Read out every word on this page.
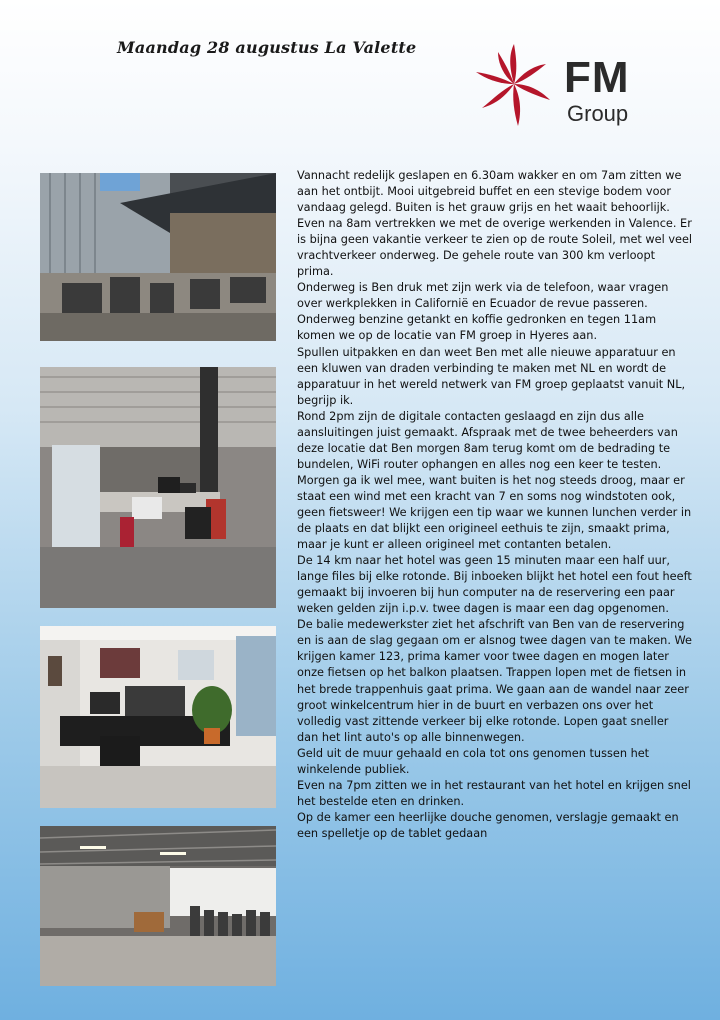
Maandag 28 augustus La Valette
FM
Group

Vannacht redelijk geslapen en 6.30am wakker en om 7am zitten we aan het ontbijt. Mooi uitgebreid buffet en een stevige bodem voor vandaag gelegd. Buiten is het grauw grijs en het waait behoorlijk. Even na 8am vertrekken we met de overige werkenden in Valence. Er is bijna geen vakantie verkeer te zien op de route Soleil, met wel veel vrachtverkeer onderweg. De gehele route van 300 km verloopt prima.

Onderweg is Ben druk met zijn werk via de telefoon, waar vragen over werkplekken in Californië en Ecuador de revue passeren. Onderweg benzine getankt en koffie gedronken en tegen 11am komen we op de locatie van FM groep in Hyeres aan.

Spullen uitpakken en dan weet Ben met alle nieuwe apparatuur en een kluwen van draden verbinding te maken met NL en wordt de apparatuur in het wereld netwerk van FM groep geplaatst vanuit NL, begrijp ik.

Rond 2pm zijn de digitale contacten geslaagd en zijn dus alle aansluitingen juist gemaakt. Afspraak met de twee beheerders van deze locatie dat Ben morgen 8am terug komt om de bedrading te bundelen, WiFi router ophangen en alles nog een keer te testen.

Morgen ga ik wel mee, want buiten is het nog steeds droog, maar er staat een wind met een kracht van 7 en soms nog windstoten ook, geen fietsweer! We krijgen een tip waar we kunnen lunchen verder in de plaats en dat blijkt een origineel eethuis te zijn, smaakt prima, maar je kunt er alleen origineel met contanten betalen.

De 14 km naar het hotel was geen 15 minuten maar een half uur, lange files bij elke rotonde. Bij inboeken blijkt het hotel een fout heeft gemaakt bij invoeren bij hun computer na de reservering een paar weken gelden zijn i.p.v. twee dagen is maar een dag opgenomen.

De balie medewerkster ziet het afschrift van Ben van de reservering en is aan de slag gegaan om er alsnog twee dagen van te maken. We krijgen kamer 123, prima kamer voor twee dagen en mogen later onze fietsen op het balkon plaatsen. Trappen lopen met de fietsen in het brede trappenhuis gaat prima. We gaan aan de wandel naar zeer groot winkelcentrum hier in de buurt en verbazen ons over het volledig vast zittende verkeer bij elke rotonde. Lopen gaat sneller dan het lint auto's op alle binnenwegen.

Geld uit de muur gehaald en cola tot ons genomen tussen het winkelende publiek.

Even na 7pm zitten we in het restaurant van het hotel en krijgen snel het bestelde eten en drinken.

Op de kamer een heerlijke douche genomen, verslagje gemaakt en een spelletje op de tablet gedaan
